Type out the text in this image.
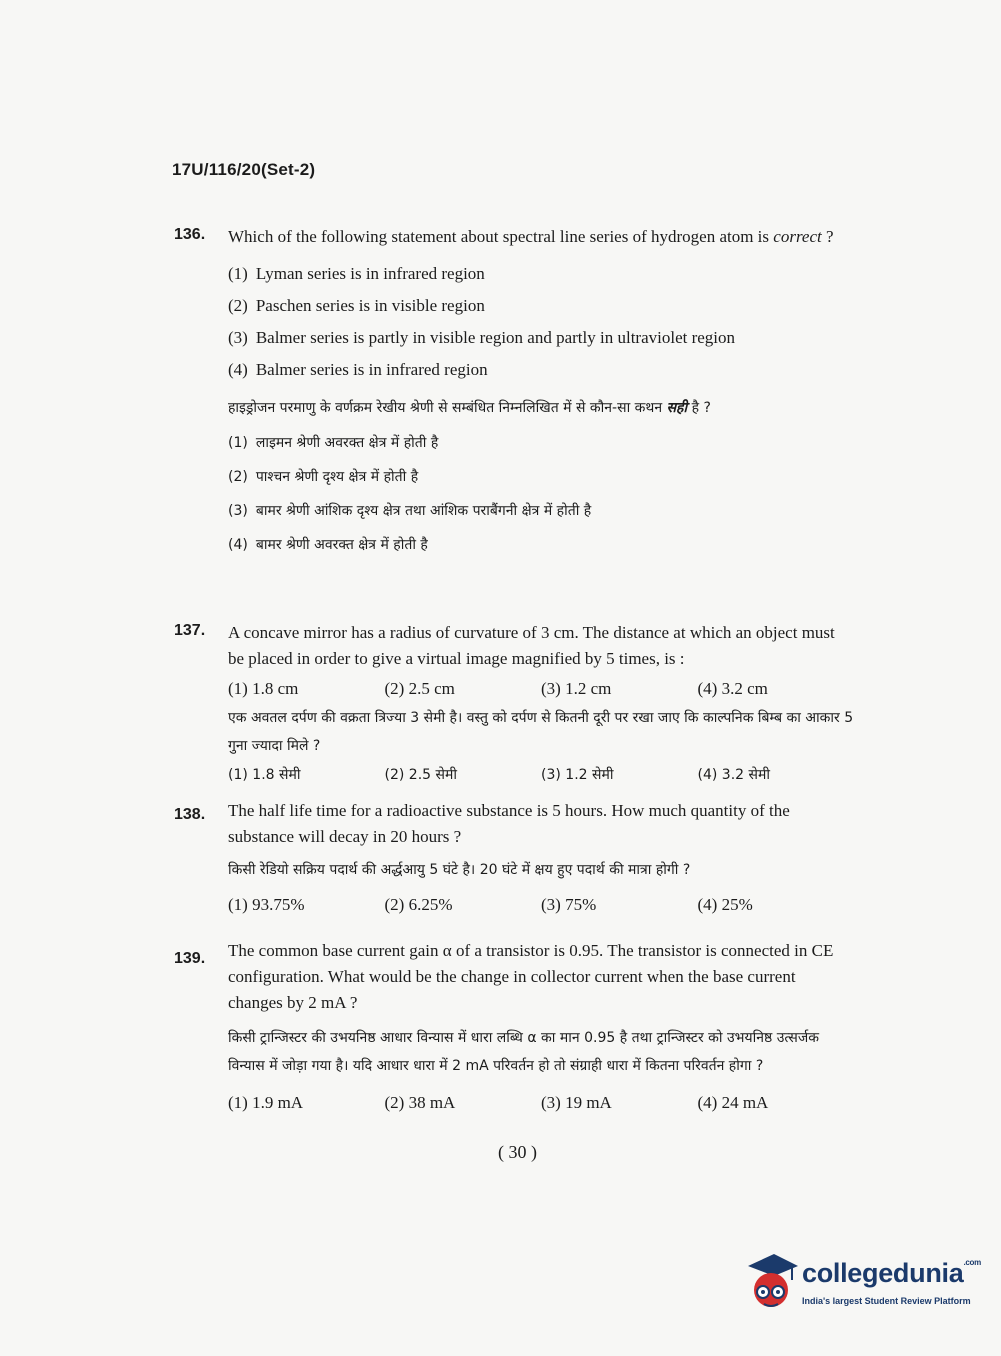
17U/116/20(Set-2)
136. Which of the following statement about spectral line series of hydrogen atom is correct ?
(1) Lyman series is in infrared region
(2) Paschen series is in visible region
(3) Balmer series is partly in visible region and partly in ultraviolet region
(4) Balmer series is in infrared region
हाइड्रोजन परमाणु के वर्णक्रम रेखीय श्रेणी से सम्बंधित निम्नलिखित में से कौन-सा कथन सही है ?
(1) लाइमन श्रेणी अवरक्त क्षेत्र में होती है
(2) पाश्चन श्रेणी दृश्य क्षेत्र में होती है
(3) बामर श्रेणी आंशिक दृश्य क्षेत्र तथा आंशिक पराबैंगनी क्षेत्र में होती है
(4) बामर श्रेणी अवरक्त क्षेत्र में होती है
137. A concave mirror has a radius of curvature of 3 cm. The distance at which an object must be placed in order to give a virtual image magnified by 5 times, is :
(1) 1.8 cm	(2) 2.5 cm	(3) 1.2 cm	(4) 3.2 cm
एक अवतल दर्पण की वक्रता त्रिज्या 3 सेमी है। वस्तु को दर्पण से कितनी दूरी पर रखा जाए कि काल्पनिक बिम्ब का आकार 5 गुना ज्यादा मिले ?
(1) 1.8 सेमी	(2) 2.5 सेमी	(3) 1.2 सेमी	(4) 3.2 सेमी
138. The half life time for a radioactive substance is 5 hours. How much quantity of the substance will decay in 20 hours ?
किसी रेडियो सक्रिय पदार्थ की अर्द्धआयु 5 घंटे है। 20 घंटे में क्षय हुए पदार्थ की मात्रा होगी ?
(1) 93.75%	(2) 6.25%	(3) 75%	(4) 25%
139. The common base current gain α of a transistor is 0.95. The transistor is connected in CE configuration. What would be the change in collector current when the base current changes by 2 mA ?
किसी ट्रान्जिस्टर की उभयनिष्ठ आधार विन्यास में धारा लब्धि α का मान 0.95 है तथा ट्रान्जिस्टर को उभयनिष्ठ उत्सर्जक विन्यास में जोड़ा गया है। यदि आधार धारा में 2 mA परिवर्तन हो तो संग्राही धारा में कितना परिवर्तन होगा ?
(1) 1.9 mA	(2) 38 mA	(3) 19 mA	(4) 24 mA
( 30 )
collegedunia$^{.com}$
India's largest Student Review Platform
